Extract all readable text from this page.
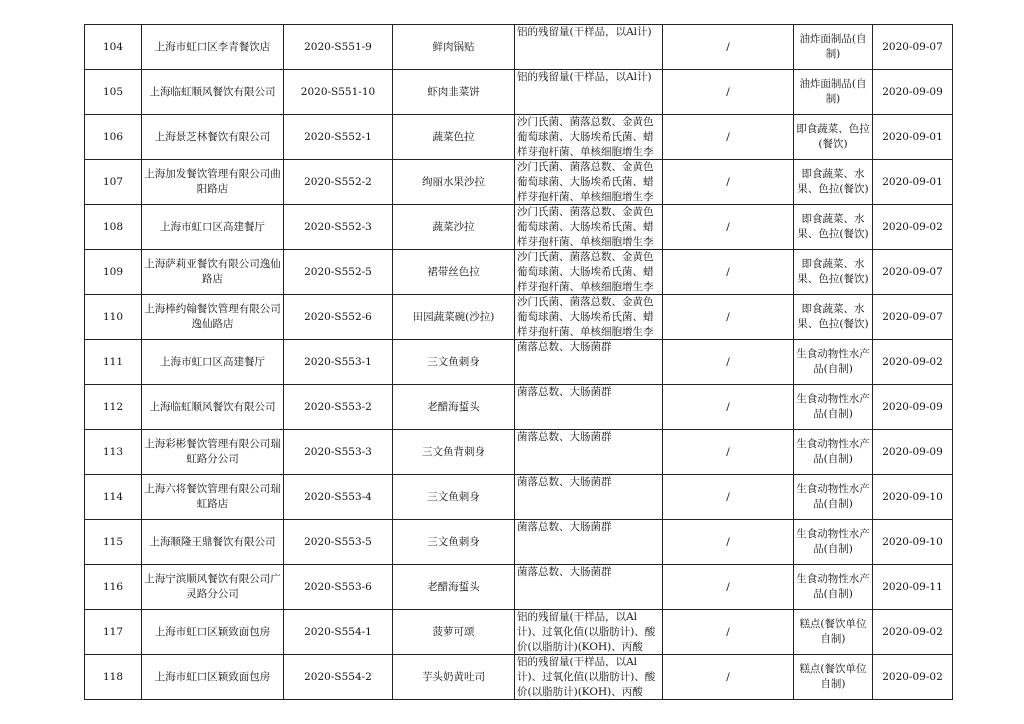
104	上海市虹口区李青餐饮店	2020-S551-9	鲜肉锅贴	铝的残留量(干样品，以Al计)	/	油炸面制品(自制)	2020-09-07
105	上海临虹顺风餐饮有限公司	2020-S551-10	虾肉韭菜饼	铝的残留量(干样品，以Al计)	/	油炸面制品(自制)	2020-09-09
106	上海景芝林餐饮有限公司	2020-S552-1	蔬菜色拉	沙门氏菌、菌落总数、金黄色葡萄球菌、大肠埃希氏菌、蜡样芽孢杆菌、单核细胞增生李	/	即食蔬菜、色拉(餐饮)	2020-09-01
107	上海加发餐饮管理有限公司曲阳路店	2020-S552-2	绚丽水果沙拉	沙门氏菌、菌落总数、金黄色葡萄球菌、大肠埃希氏菌、蜡样芽孢杆菌、单核细胞增生李	/	即食蔬菜、水果、色拉(餐饮)	2020-09-01
108	上海市虹口区高建餐厅	2020-S552-3	蔬菜沙拉	沙门氏菌、菌落总数、金黄色葡萄球菌、大肠埃希氏菌、蜡样芽孢杆菌、单核细胞增生李	/	即食蔬菜、水果、色拉(餐饮)	2020-09-02
109	上海萨莉亚餐饮有限公司逸仙路店	2020-S552-5	裙带丝色拉	沙门氏菌、菌落总数、金黄色葡萄球菌、大肠埃希氏菌、蜡样芽孢杆菌、单核细胞增生李	/	即食蔬菜、水果、色拉(餐饮)	2020-09-07
110	上海棒约翰餐饮管理有限公司逸仙路店	2020-S552-6	田园蔬菜碗(沙拉)	沙门氏菌、菌落总数、金黄色葡萄球菌、大肠埃希氏菌、蜡样芽孢杆菌、单核细胞增生李	/	即食蔬菜、水果、色拉(餐饮)	2020-09-07
111	上海市虹口区高建餐厅	2020-S553-1	三文鱼刺身	菌落总数、大肠菌群	/	生食动物性水产品(自制)	2020-09-02
112	上海临虹顺风餐饮有限公司	2020-S553-2	老醋海蜇头	菌落总数、大肠菌群	/	生食动物性水产品(自制)	2020-09-09
113	上海彩彬餐饮管理有限公司瑞虹路分公司	2020-S553-3	三文鱼背刺身	菌落总数、大肠菌群	/	生食动物性水产品(自制)	2020-09-09
114	上海六将餐饮管理有限公司瑞虹路店	2020-S553-4	三文鱼刺身	菌落总数、大肠菌群	/	生食动物性水产品(自制)	2020-09-10
115	上海顺隆王鼎餐饮有限公司	2020-S553-5	三文鱼刺身	菌落总数、大肠菌群	/	生食动物性水产品(自制)	2020-09-10
116	上海宁滨顺风餐饮有限公司广灵路分公司	2020-S553-6	老醋海蜇头	菌落总数、大肠菌群	/	生食动物性水产品(自制)	2020-09-11
117	上海市虹口区颖致面包房	2020-S554-1	菠萝可颂	铝的残留量(干样品，以Al计)、过氧化值(以脂肪计)、酸价(以脂肪计)(KOH)、丙酸	/	糕点(餐饮单位自制)	2020-09-02
118	上海市虹口区颖致面包房	2020-S554-2	芋头奶黄吐司	铝的残留量(干样品，以Al计)、过氧化值(以脂肪计)、酸价(以脂肪计)(KOH)、丙酸	/	糕点(餐饮单位自制)	2020-09-02
